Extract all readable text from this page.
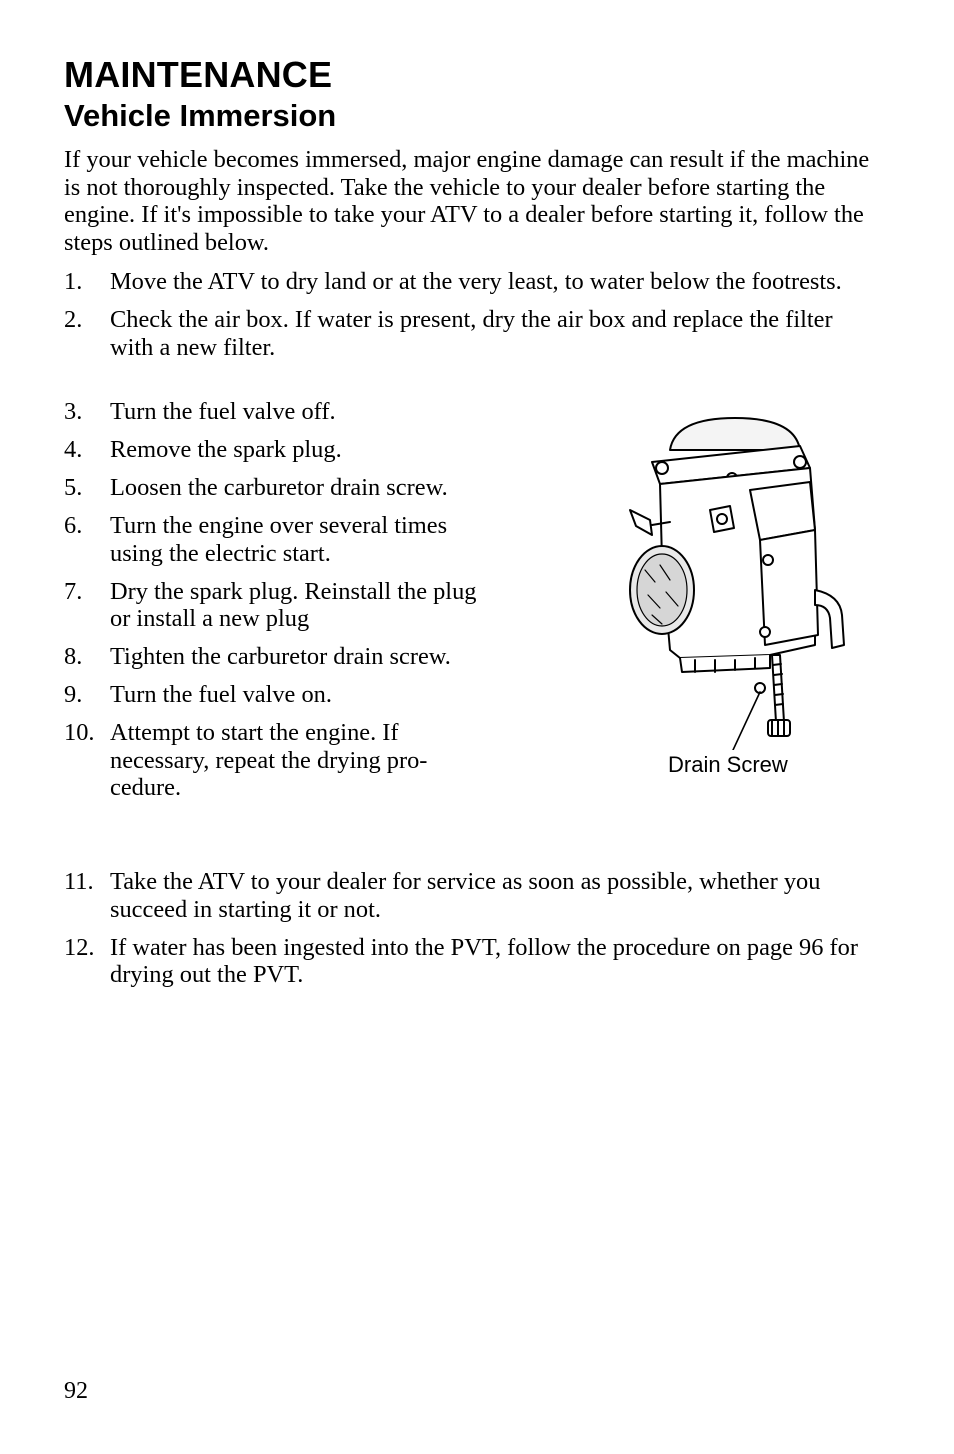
MAINTENANCE
Vehicle Immersion

If your vehicle becomes immersed, major engine damage can result if the machine is not thoroughly inspected. Take the vehicle to your dealer before starting the engine. If it's impossible to take your ATV to a dealer before starting it, follow the steps outlined below.

1. Move the ATV to dry land or at the very least, to water below the footrests.
2. Check the air box. If water is present, dry the air box and replace the filter with a new filter.
3. Turn the fuel valve off.
4. Remove the spark plug.
5. Loosen the carburetor drain screw.
6. Turn the engine over several times using the electric start.
7. Dry the spark plug. Reinstall the plug or install a new plug
8. Tighten the carburetor drain screw.
9. Turn the fuel valve on.
10. Attempt to start the engine. If necessary, repeat the drying pro-cedure.
11. Take the ATV to your dealer for service as soon as possible, whether you succeed in starting it or not.
12. If water has been ingested into the PVT, follow the procedure on page 96 for drying out the PVT.
Drain Screw
92
